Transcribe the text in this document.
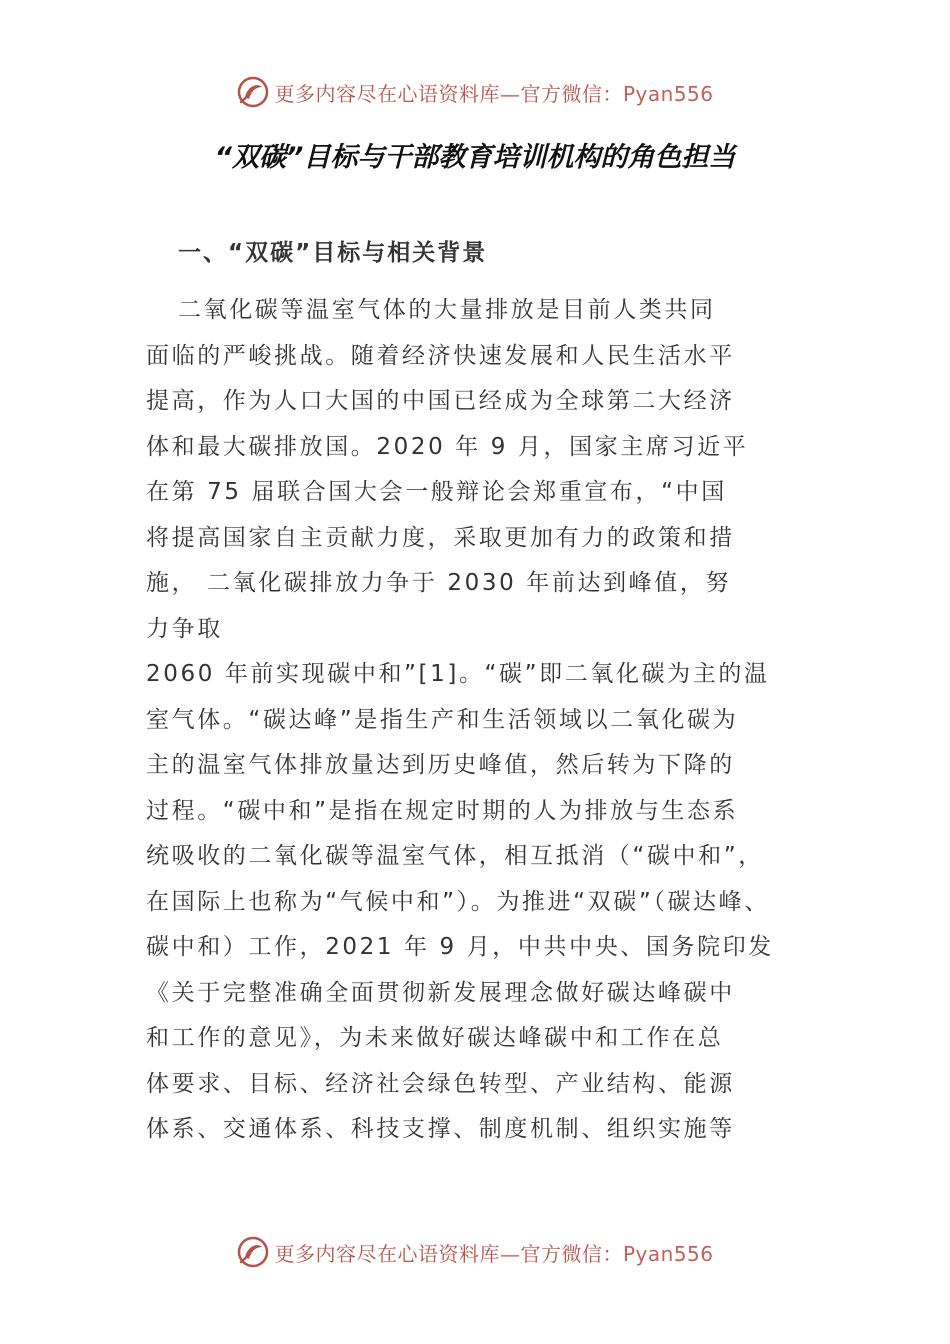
更多内容尽在心语资料库—官方微信：Pyan556
“双碳”目标与干部教育培训机构的角色担当
一、“双碳”目标与相关背景
二氧化碳等温室气体的大量排放是目前人类共同
面临的严峻挑战。随着经济快速发展和人民生活水平
提高，作为人口大国的中国已经成为全球第二大经济
体和最大碳排放国。2020 年 9 月，国家主席习近平
在第 75 届联合国大会一般辩论会郑重宣布，“中国
将提高国家自主贡献力度，采取更加有力的政策和措
施， 二氧化碳排放力争于 2030 年前达到峰值，努
力争取
2060 年前实现碳中和”[1]。“碳”即二氧化碳为主的温
室气体。“碳达峰”是指生产和生活领域以二氧化碳为
主的温室气体排放量达到历史峰值，然后转为下降的
过程。“碳中和”是指在规定时期的人为排放与生态系
统吸收的二氧化碳等温室气体，相互抵消（“碳中和”，
在国际上也称为“气候中和”）。为推进“双碳”（碳达峰、
碳中和）工作，2021 年 9 月，中共中央、国务院印发
《关于完整准确全面贯彻新发展理念做好碳达峰碳中
和工作的意见》，为未来做好碳达峰碳中和工作在总
体要求、目标、经济社会绿色转型、产业结构、能源
体系、交通体系、科技支撑、制度机制、组织实施等
更多内容尽在心语资料库—官方微信：Pyan556
